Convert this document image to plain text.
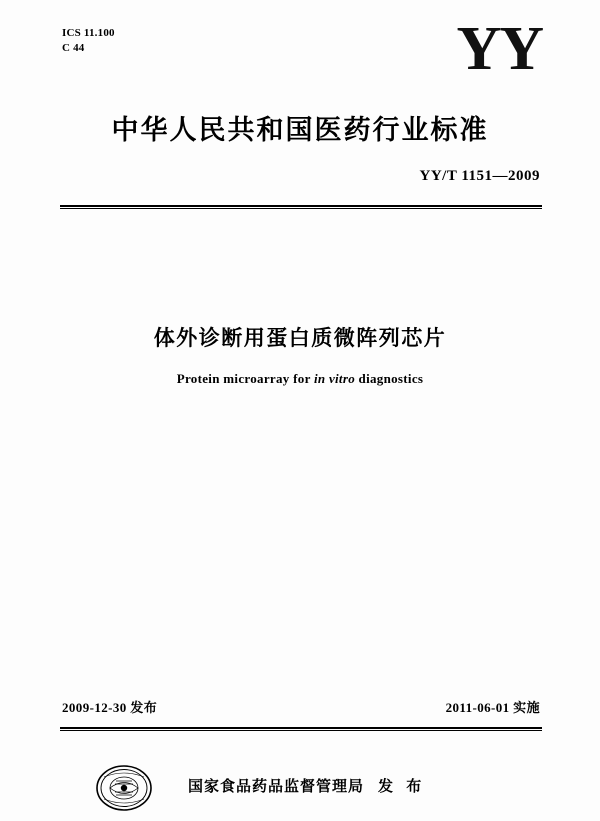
ICS 11.100
C 44	YY
中华人民共和国医药行业标准
YY/T 1151—2009
体外诊断用蛋白质微阵列芯片
Protein microarray for in vitro diagnostics
2009-12-30 发布	2011-06-01 实施
国家食品药品监督管理局 发 布
